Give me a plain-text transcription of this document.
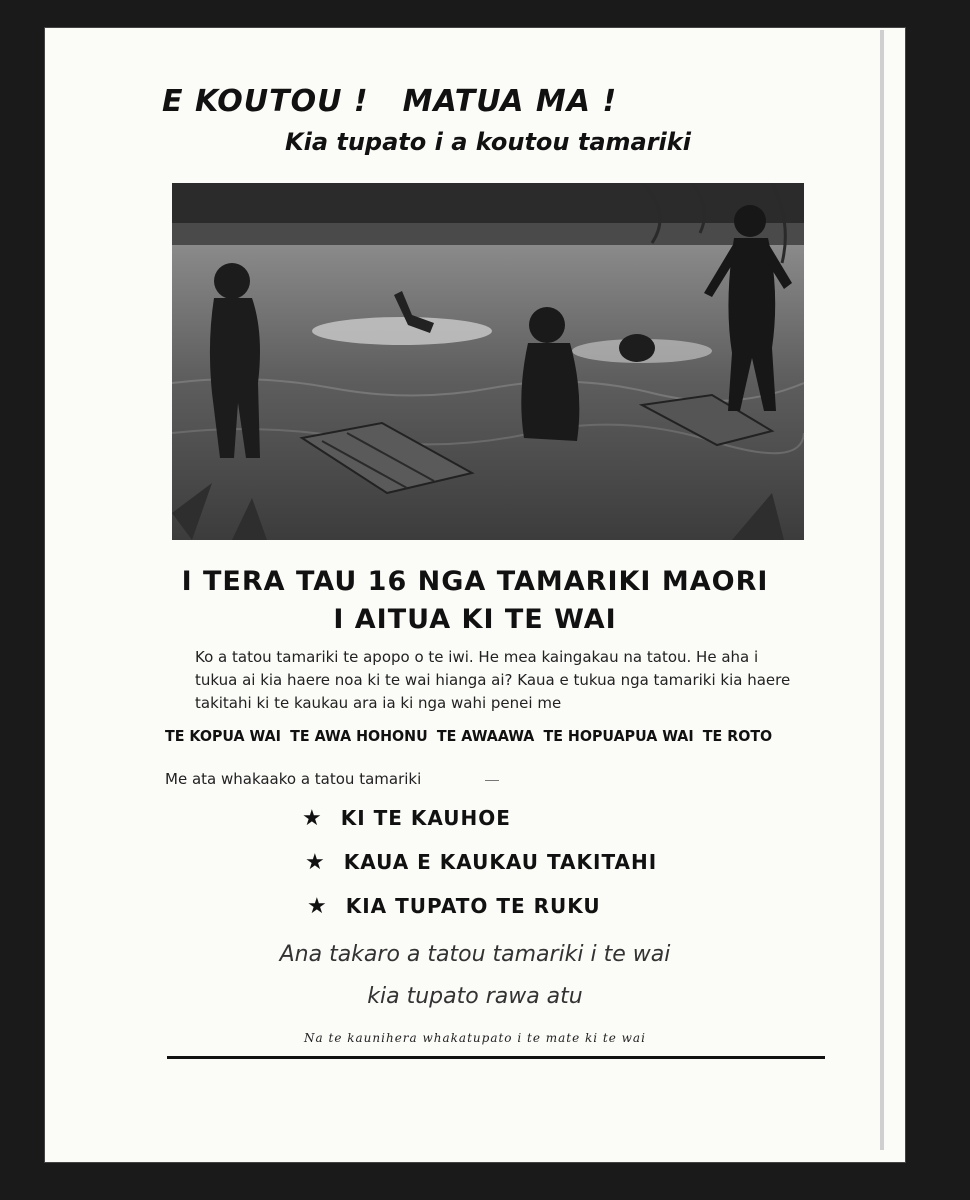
E KOUTOU ! MATUA MA !
Kia tupato i a koutou tamariki
I TERA TAU 16 NGA TAMARIKI MAORI
I AITUA KI TE WAI
Ko a tatou tamariki te apopo o te iwi. He mea kaingakau na tatou. He aha i tukua ai kia haere noa ki te wai hianga ai? Kaua e tukua nga tamariki kia haere takitahi ki te kaukau ara ia ki nga wahi penei me
TE KOPUA WAI TE AWA HOHONU TE AWAAWA TE HOPUAPUA WAI TE ROTO
Me ata whakaako a tatou tamariki
★ KI TE KAUHOE
★ KAUA E KAUKAU TAKITAHI
★ KIA TUPATO TE RUKU
Ana takaro a tatou tamariki i te wai
kia tupato rawa atu
Na te kaunihera whakatupato i te mate ki te wai
